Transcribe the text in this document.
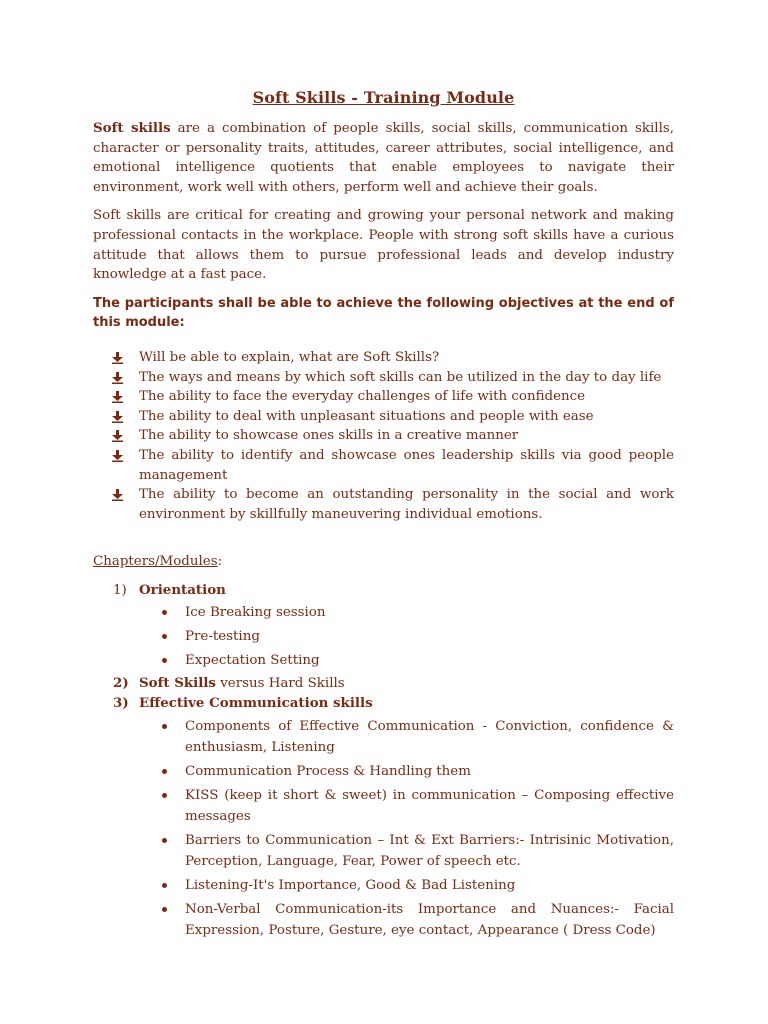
Soft Skills - Training Module

Soft skills are a combination of people skills, social skills, communication skills, character or personality traits, attitudes, career attributes, social intelligence, and emotional intelligence quotients that enable employees to navigate their environment, work well with others, perform well and achieve their goals.

Soft skills are critical for creating and growing your personal network and making professional contacts in the workplace. People with strong soft skills have a curious attitude that allows them to pursue professional leads and develop industry knowledge at a fast pace.

The participants shall be able to achieve the following objectives at the end of this module:

Will be able to explain, what are Soft Skills?
The ways and means by which soft skills can be utilized in the day to day life
The ability to face the everyday challenges of life with confidence
The ability to deal with unpleasant situations and people with ease
The ability to showcase ones skills in a creative manner
The ability to identify and showcase ones leadership skills via good people management
The ability to become an outstanding personality in the social and work environment by skillfully maneuvering individual emotions.

Chapters/Modules:

1) Orientation
Ice Breaking session
Pre-testing
Expectation Setting
2) Soft Skills versus Hard Skills
3) Effective Communication skills
Components of Effective Communication - Conviction, confidence & enthusiasm, Listening
Communication Process & Handling them
KISS (keep it short & sweet) in communication – Composing effective messages
Barriers to Communication – Int & Ext Barriers:- Intrisinic Motivation, Perception, Language, Fear, Power of speech etc.
Listening-It's Importance, Good & Bad Listening
Non-Verbal Communication-its Importance and Nuances:- Facial Expression, Posture, Gesture, eye contact, Appearance ( Dress Code)
